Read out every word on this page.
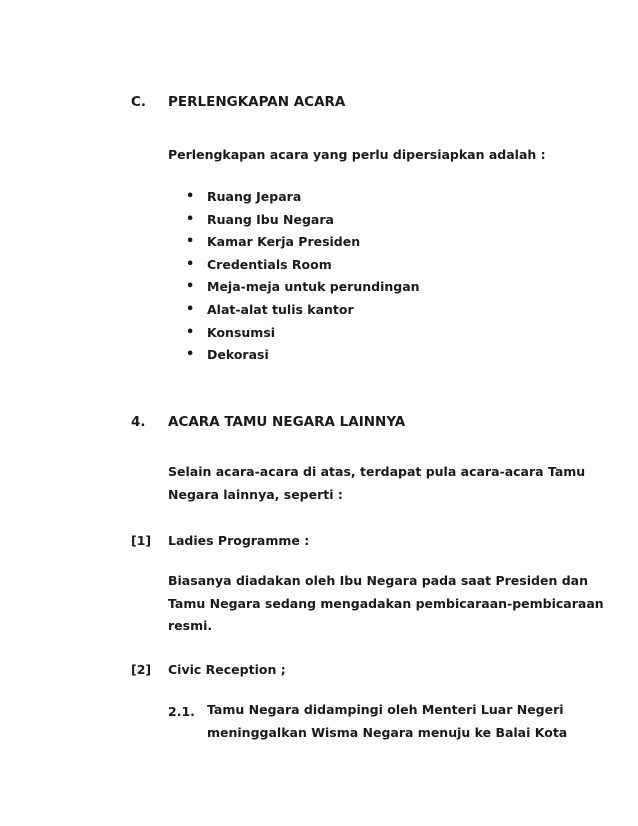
C. PERLENGKAPAN ACARA
Perlengkapan acara yang perlu dipersiapkan adalah :
• Ruang Jepara
• Ruang Ibu Negara
• Kamar Kerja Presiden
• Credentials Room
• Meja-meja untuk perundingan
• Alat-alat tulis kantor
• Konsumsi
• Dekorasi
4. ACARA TAMU NEGARA LAINNYA
Selain acara-acara di atas, terdapat pula acara-acara Tamu
Negara lainnya, seperti :
[1] Ladies Programme :
Biasanya diadakan oleh Ibu Negara pada saat Presiden dan
Tamu Negara sedang mengadakan pembicaraan-pembicaraan
resmi.
[2] Civic Reception ;
2.1. Tamu Negara didampingi oleh Menteri Luar Negeri
meninggalkan Wisma Negara menuju ke Balai Kota
